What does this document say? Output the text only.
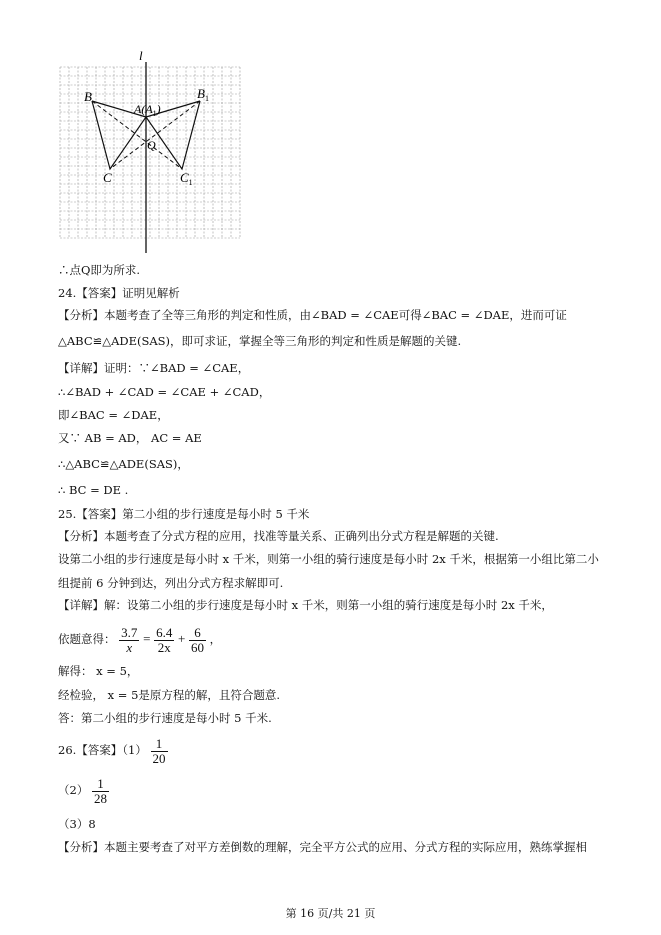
l
B
$A(A_1)$
$B_1$
Q
C	$C_1$
∴点Q即为所求.
24.【答案】证明见解析
【分析】本题考查了全等三角形的判定和性质，由∠BAD = ∠CAE可得∠BAC = ∠DAE，进而可证
△ABC≌△ADE(SAS)，即可求证，掌握全等三角形的判定和性质是解题的关键.
【详解】证明：∵∠BAD = ∠CAE，
∴∠BAD + ∠CAD = ∠CAE + ∠CAD，
即∠BAC = ∠DAE，
又∵ AB = AD， AC = AE
∴△ABC≌△ADE(SAS)，
∴ BC = DE .
25.【答案】第二小组的步行速度是每小时 5 千米
【分析】本题考查了分式方程的应用，找准等量关系、正确列出分式方程是解题的关键.
设第二小组的步行速度是每小时 x 千米，则第一小组的骑行速度是每小时 2x 千米，根据第一小组比第二小
组提前 6 分钟到达，列出分式方程求解即可.
【详解】解：设第二小组的步行速度是每小时 x 千米，则第一小组的骑行速度是每小时 2x 千米，
依题意得： $\frac{3.7}{x} = \frac{6.4}{2x} + \frac{6}{60}$ ，
解得： x = 5，
经检验， x = 5是原方程的解，且符合题意.
答：第二小组的步行速度是每小时 5 千米.
26.【答案】$(1) \frac{1}{20}$
$(2) \frac{1}{28}$
（3）8
【分析】本题主要考查了对平方差倒数的理解，完全平方公式的应用、分式方程的实际应用，熟练掌握相
第 16 页/共 21 页
